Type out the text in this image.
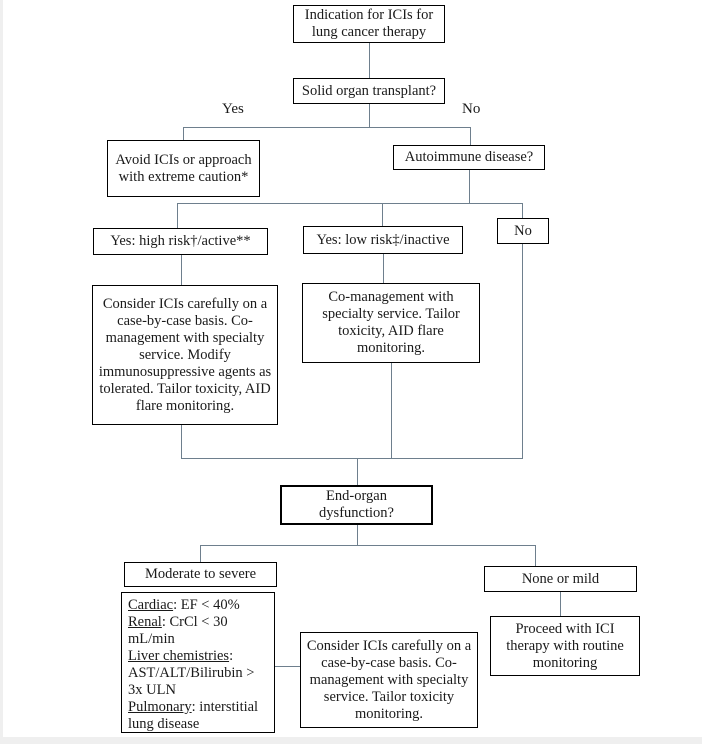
Yes	No
Indication for ICIs for lung cancer therapy
Solid organ transplant?
Avoid ICIs or approach with extreme caution*
Autoimmune disease?
Yes: high risk†/active**	Yes: low risk‡/inactive
No
Consider ICIs carefully on a case-by-case basis. Co-management with specialty service. Modify immunosuppressive agents as tolerated. Tailor toxicity, AID flare monitoring.
Co-management with specialty service. Tailor toxicity, AID flare monitoring.
End-organ dysfunction?
Moderate to severe
Cardiac: EF < 40%
Renal: CrCl < 30 mL/min
Liver chemistries: AST/ALT/Bilirubin > 3x ULN
Pulmonary: interstitial lung disease
None or mild
Consider ICIs carefully on a case-by-case basis. Co-management with specialty service. Tailor toxicity monitoring.
Proceed with ICI therapy with routine monitoring
